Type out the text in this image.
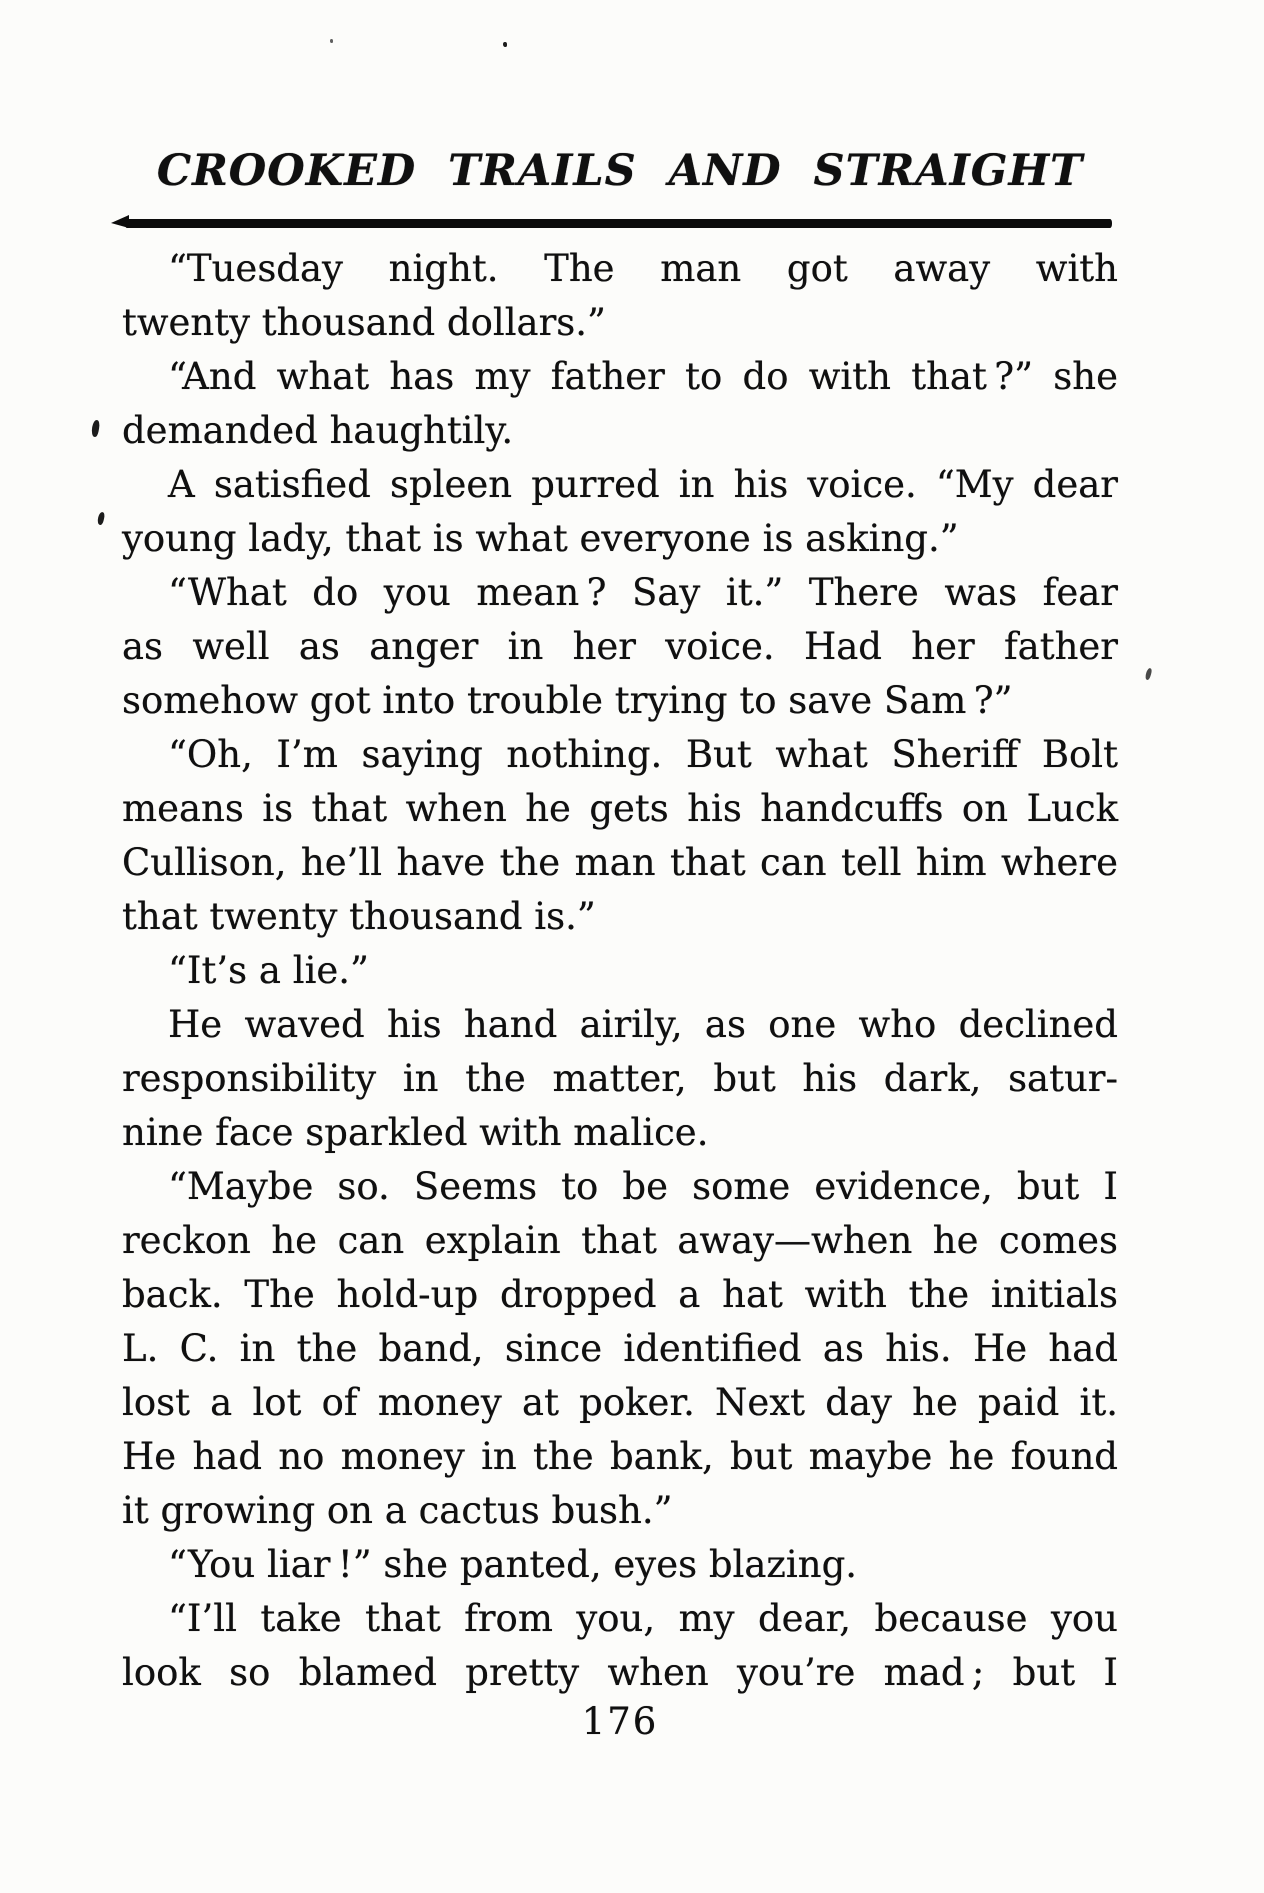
CROOKED TRAILS AND STRAIGHT
“Tuesday night. The man got away with
twenty thousand dollars.”
“And what has my father to do with that ?” she
demanded haughtily.
A satisfied spleen purred in his voice. “My dear
young lady, that is what everyone is asking.”
“What do you mean ? Say it.” There was fear
as well as anger in her voice. Had her father
somehow got into trouble trying to save Sam ?”
“Oh, I’m saying nothing. But what Sheriff Bolt
means is that when he gets his handcuffs on Luck
Cullison, he’ll have the man that can tell him where
that twenty thousand is.”
“It’s a lie.”
He waved his hand airily, as one who declined
responsibility in the matter, but his dark, satur-
nine face sparkled with malice.
“Maybe so. Seems to be some evidence, but I
reckon he can explain that away—when he comes
back. The hold-up dropped a hat with the initials
L. C. in the band, since identified as his. He had
lost a lot of money at poker. Next day he paid it.
He had no money in the bank, but maybe he found
it growing on a cactus bush.”
“You liar !” she panted, eyes blazing.
“I’ll take that from you, my dear, because you
look so blamed pretty when you’re mad ; but I
176
